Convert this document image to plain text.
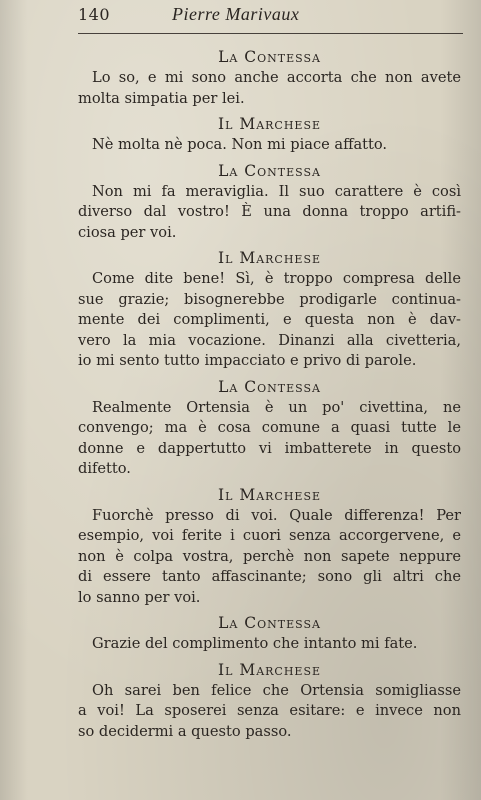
140	Pierre Marivaux
La Contessa
Lo so, e mi sono anche accorta che non avete
molta simpatia per lei.
Il Marchese
Nè molta nè poca. Non mi piace affatto.
La Contessa
Non mi fa meraviglia. Il suo carattere è così
diverso dal vostro! È una donna troppo artifi-
ciosa per voi.
Il Marchese
Come dite bene! Sì, è troppo compresa delle
sue grazie; bisognerebbe prodigarle continua-
mente dei complimenti, e questa non è dav-
vero la mia vocazione. Dinanzi alla civetteria,
io mi sento tutto impacciato e privo di parole.
La Contessa
Realmente Ortensia è un po' civettina, ne
convengo; ma è cosa comune a quasi tutte le
donne e dappertutto vi imbatterete in questo
difetto.
Il Marchese
Fuorchè presso di voi. Quale differenza! Per
esempio, voi ferite i cuori senza accorgervene, e
non è colpa vostra, perchè non sapete neppure
di essere tanto affascinante; sono gli altri che
lo sanno per voi.
La Contessa
Grazie del complimento che intanto mi fate.
Il Marchese
Oh sarei ben felice che Ortensia somigliasse
a voi! La sposerei senza esitare: e invece non
so decidermi a questo passo.
